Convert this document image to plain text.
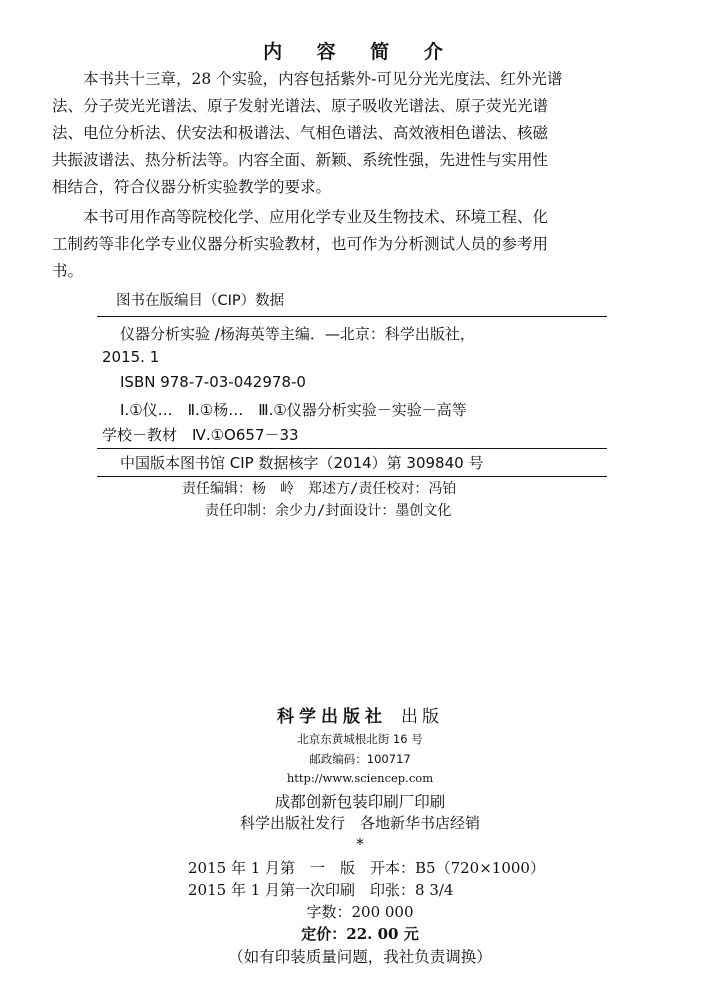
内 容 简 介
　　本书共十三章，28 个实验，内容包括紫外-可见分光光度法、红外光谱
法、分子荧光光谱法、原子发射光谱法、原子吸收光谱法、原子荧光光谱
法、电位分析法、伏安法和极谱法、气相色谱法、高效液相色谱法、核磁
共振波谱法、热分析法等。内容全面、新颖、系统性强，先进性与实用性
相结合，符合仪器分析实验教学的要求。
　　本书可用作高等院校化学、应用化学专业及生物技术、环境工程、化
工制药等非化学专业仪器分析实验教材，也可作为分析测试人员的参考用
书。
图书在版编目（CIP）数据
仪器分析实验 /杨海英等主编．—北京：科学出版社，
2015. 1
ISBN 978-7-03-042978-0
Ⅰ.①仪…　Ⅱ.①杨…　Ⅲ.①仪器分析实验－实验－高等
学校－教材　Ⅳ.①O657－33
中国版本图书馆 CIP 数据核字（2014）第 309840 号
责任编辑：杨　岭　郑述方/责任校对：冯铂
责任印制：余少力/封面设计：墨创文化
科学出版社 出版
北京东黄城根北街 16 号
邮政编码：100717
http://www.sciencep.com
成都创新包装印刷厂印刷
科学出版社发行　各地新华书店经销
*
2015 年 1 月第　一　版　开本：B5（720×1000）
2015 年 1 月第一次印刷　印张：8 3/4
字数：200 000
定价：22. 00 元
（如有印装质量问题，我社负责调换）
